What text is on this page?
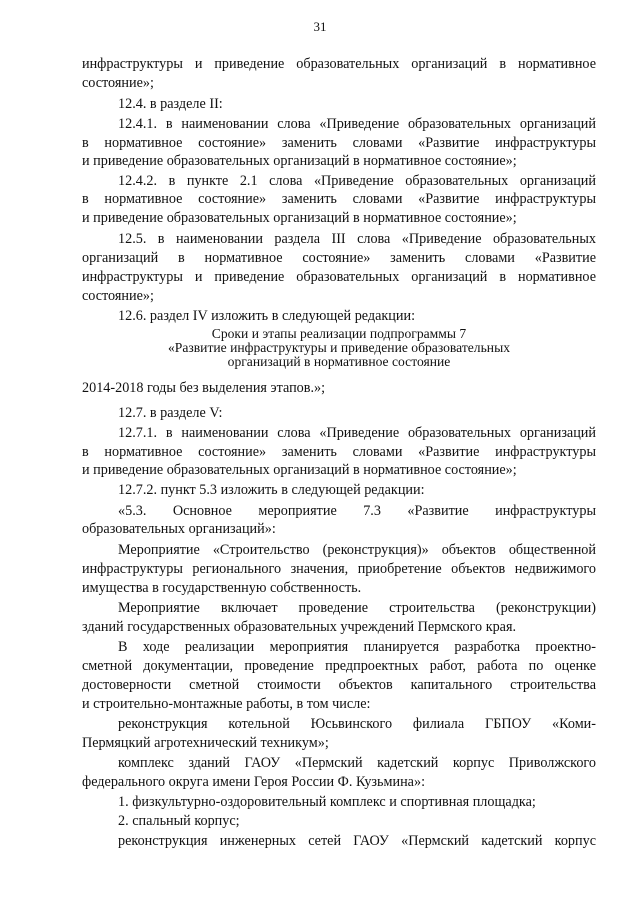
31
инфраструктуры и приведение образовательных организаций в нормативное
состояние»;
12.4. в разделе II:
12.4.1. в наименовании слова «Приведение образовательных организаций
в нормативное состояние» заменить словами «Развитие инфраструктуры
и приведение образовательных организаций в нормативное состояние»;
12.4.2. в пункте 2.1 слова «Приведение образовательных организаций
в нормативное состояние» заменить словами «Развитие инфраструктуры
и приведение образовательных организаций в нормативное состояние»;
12.5. в наименовании раздела III слова «Приведение образовательных
организаций в нормативное состояние» заменить словами «Развитие
инфраструктуры и приведение образовательных организаций в нормативное
состояние»;
12.6. раздел IV изложить в следующей редакции:
Сроки и этапы реализации подпрограммы 7
«Развитие инфраструктуры и приведение образовательных
организаций в нормативное состояние
2014-2018 годы без выделения этапов.»;
12.7. в разделе V:
12.7.1. в наименовании слова «Приведение образовательных организаций
в нормативное состояние» заменить словами «Развитие инфраструктуры
и приведение образовательных организаций в нормативное состояние»;
12.7.2. пункт 5.3 изложить в следующей редакции:
«5.3. Основное мероприятие 7.3 «Развитие инфраструктуры
образовательных организаций»:
Мероприятие «Строительство (реконструкция)» объектов общественной
инфраструктуры регионального значения, приобретение объектов недвижимого
имущества в государственную собственность.
Мероприятие включает проведение строительства (реконструкции)
зданий государственных образовательных учреждений Пермского края.
В ходе реализации мероприятия планируется разработка проектно-
сметной документации, проведение предпроектных работ, работа по оценке
достоверности сметной стоимости объектов капитального строительства
и строительно-монтажные работы, в том числе:
реконструкция котельной Юсьвинского филиала ГБПОУ «Коми-
Пермяцкий агротехнический техникум»;
комплекс зданий ГАОУ «Пермский кадетский корпус Приволжского
федерального округа имени Героя России Ф. Кузьмина»:
1. физкультурно-оздоровительный комплекс и спортивная площадка;
2. спальный корпус;
реконструкция инженерных сетей ГАОУ «Пермский кадетский корпус
